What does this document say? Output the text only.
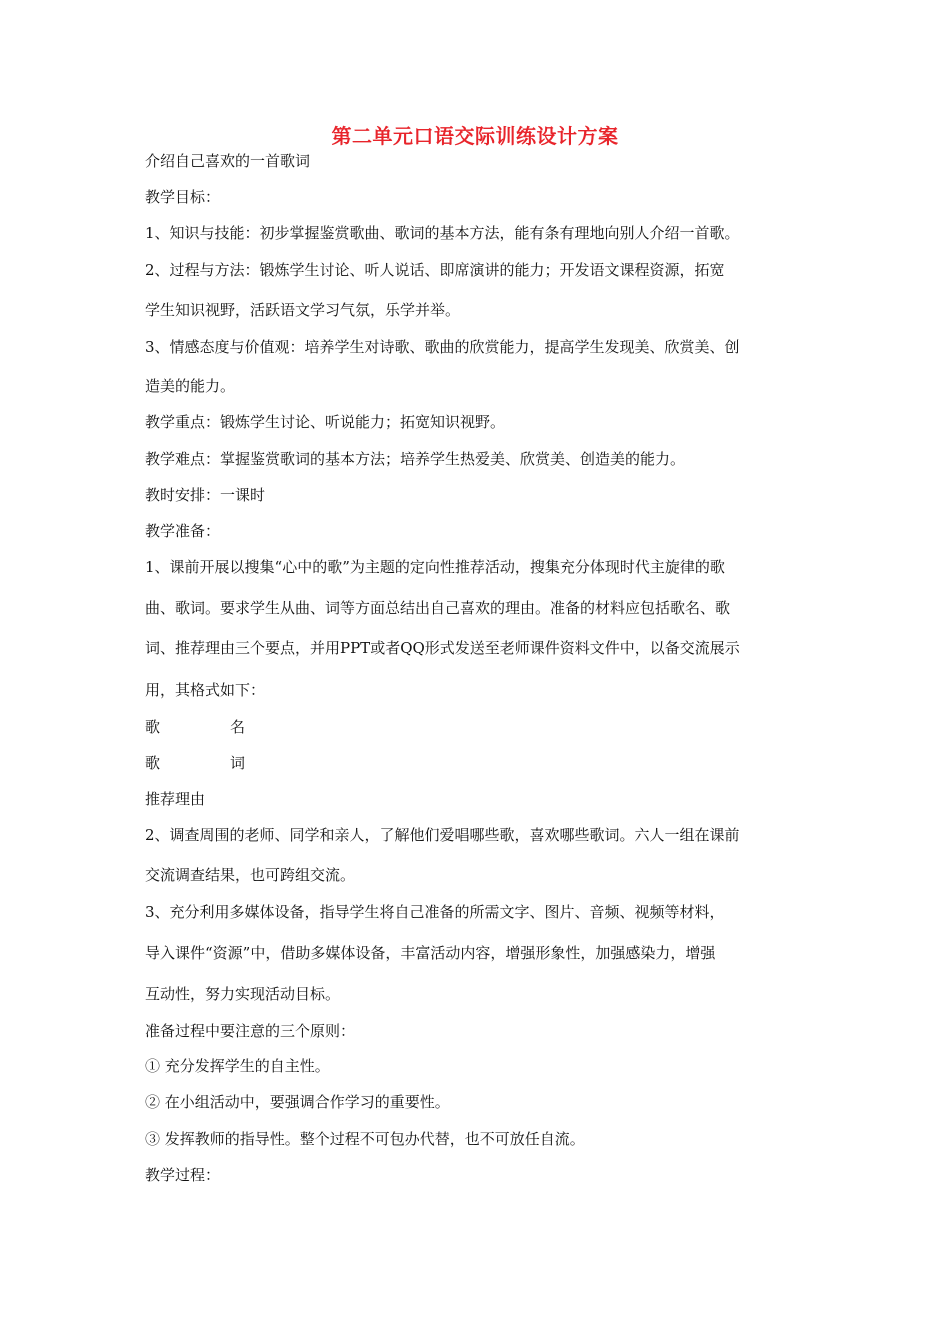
第二单元口语交际训练设计方案
介绍自己喜欢的一首歌词
教学目标：
1、知识与技能：初步掌握鉴赏歌曲、歌词的基本方法，能有条有理地向别人介绍一首歌。
2、过程与方法：锻炼学生讨论、听人说话、即席演讲的能力；开发语文课程资源，拓宽
学生知识视野，活跃语文学习气氛，乐学并举。
3、情感态度与价值观：培养学生对诗歌、歌曲的欣赏能力，提高学生发现美、欣赏美、创
造美的能力。
教学重点：锻炼学生讨论、听说能力；拓宽知识视野。
教学难点：掌握鉴赏歌词的基本方法；培养学生热爱美、欣赏美、创造美的能力。
教时安排：一课时
教学准备：
1、课前开展以搜集“心中的歌”为主题的定向性推荐活动，搜集充分体现时代主旋律的歌
曲、歌词。要求学生从曲、词等方面总结出自己喜欢的理由。准备的材料应包括歌名、歌
词、推荐理由三个要点，并用PPT或者QQ形式发送至老师课件资料文件中，以备交流展示
用，其格式如下：
歌	名
歌	词
推荐理由
2、调查周围的老师、同学和亲人，了解他们爱唱哪些歌，喜欢哪些歌词。六人一组在课前
交流调查结果，也可跨组交流。
3、充分利用多媒体设备，指导学生将自己准备的所需文字、图片、音频、视频等材料，
导入课件“资源”中，借助多媒体设备，丰富活动内容，增强形象性，加强感染力，增强
互动性，努力实现活动目标。
准备过程中要注意的三个原则：
① 充分发挥学生的自主性。
② 在小组活动中，要强调合作学习的重要性。
③ 发挥教师的指导性。整个过程不可包办代替，也不可放任自流。
教学过程：
